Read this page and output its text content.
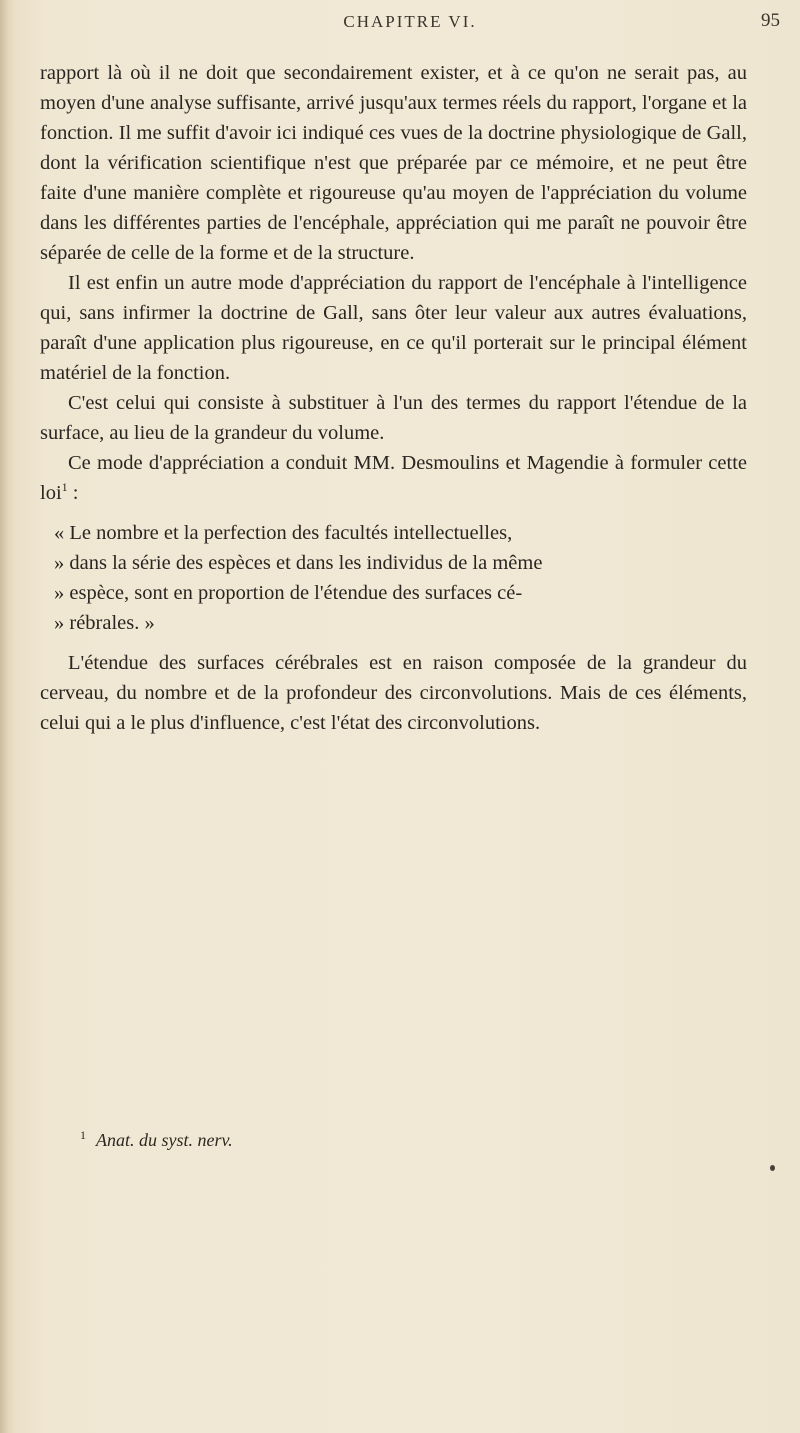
CHAPITRE VI.	95

rapport là où il ne doit que secondairement exister, et à ce qu'on ne serait pas, au moyen d'une analyse suffisante, arrivé jusqu'aux termes réels du rapport, l'organe et la fonction. Il me suffit d'avoir ici indiqué ces vues de la doctrine physiologique de Gall, dont la vérification scientifique n'est que préparée par ce mémoire, et ne peut être faite d'une manière complète et rigoureuse qu'au moyen de l'appréciation du volume dans les différentes parties de l'encéphale, appréciation qui me paraît ne pouvoir être séparée de celle de la forme et de la structure.

Il est enfin un autre mode d'appréciation du rapport de l'encéphale à l'intelligence qui, sans infirmer la doctrine de Gall, sans ôter leur valeur aux autres évaluations, paraît d'une application plus rigoureuse, en ce qu'il porterait sur le principal élément matériel de la fonction.

C'est celui qui consiste à substituer à l'un des termes du rapport l'étendue de la surface, au lieu de la grandeur du volume.

Ce mode d'appréciation a conduit MM. Desmoulins et Magendie à formuler cette loi$^1$ :

« Le nombre et la perfection des facultés intellectuelles,
» dans la série des espèces et dans les individus de la même
» espèce, sont en proportion de l'étendue des surfaces cé-
» rébrales. »

L'étendue des surfaces cérébrales est en raison composée de la grandeur du cerveau, du nombre et de la profondeur des circonvolutions. Mais de ces éléments, celui qui a le plus d'influence, c'est l'état des circonvolutions.

$^1$ Anat. du syst. nerv.
